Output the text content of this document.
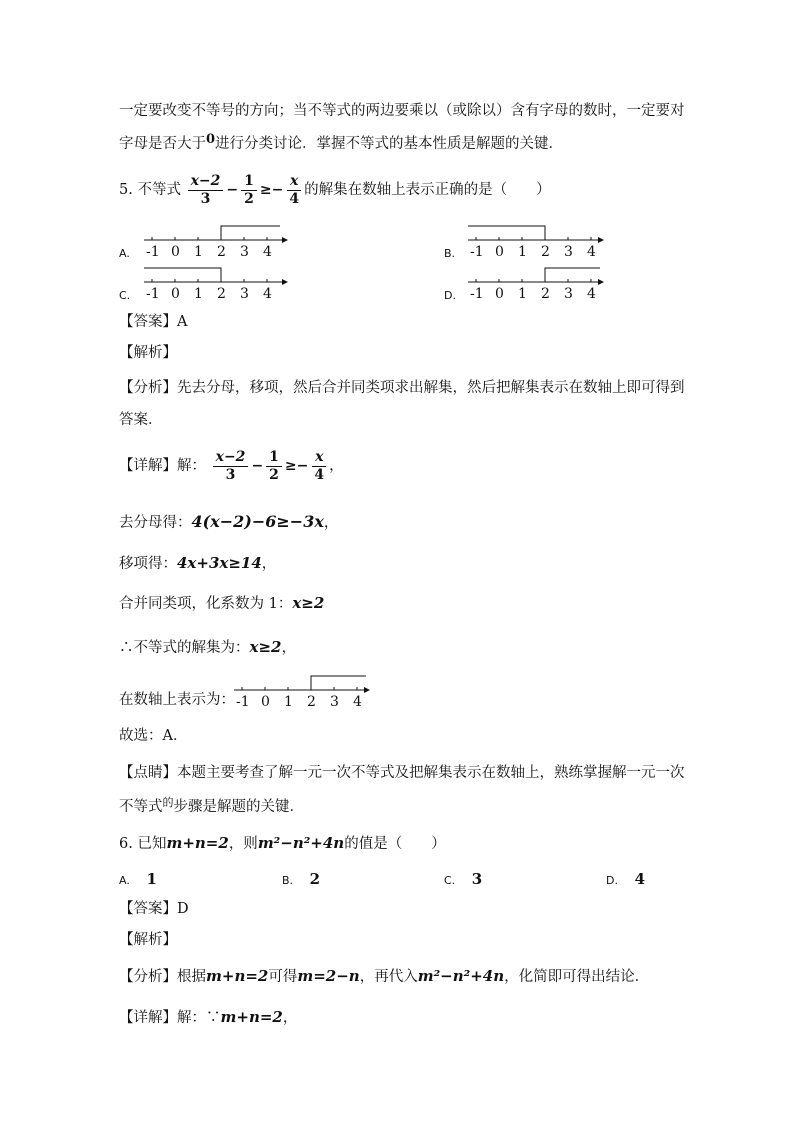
一定要改变不等号的方向；当不等式的两边要乘以（或除以）含有字母的数时，一定要对
字母是否大于0进行分类讨论．掌握不等式的基本性质是解题的关键．
5. 不等式 $\frac{x-2}{3} - \frac{1}{2} \ge- \frac{x}{4}$ 的解集在数轴上表示正确的是（　　）
A.	B.
C.	D.
-1 0 1 2 3 4	-1 0 1 2 3 4
-1 0 1 2 3 4	-1 0 1 2 3 4
【答案】A
【解析】
【分析】先去分母，移项，然后合并同类项求出解集，然后把解集表示在数轴上即可得到
答案．
【详解】解： $\frac{x-2}{3} - \frac{1}{2} \ge- \frac{x}{4}$ ，
去分母得：4(x−2)−6≥−3x，
移项得：4x+3x≥14，
合并同类项，化系数为 1：x≥2
∴不等式的解集为：x≥2，
在数轴上表示为： -1 0 1 2 3 4
故选：A．
【点睛】本题主要考查了解一元一次不等式及把解集表示在数轴上，熟练掌握解一元一次
不等式$^的$步骤是解题的关键．
6. 已知m+n=2，则m²−n²+4n的值是（　　）
A. 1	B. 2	C. 3	D. 4
【答案】D
【解析】
【分析】根据m+n=2可得m=2−n，再代入m²−n²+4n，化简即可得出结论．
【详解】解：∵m+n=2，
